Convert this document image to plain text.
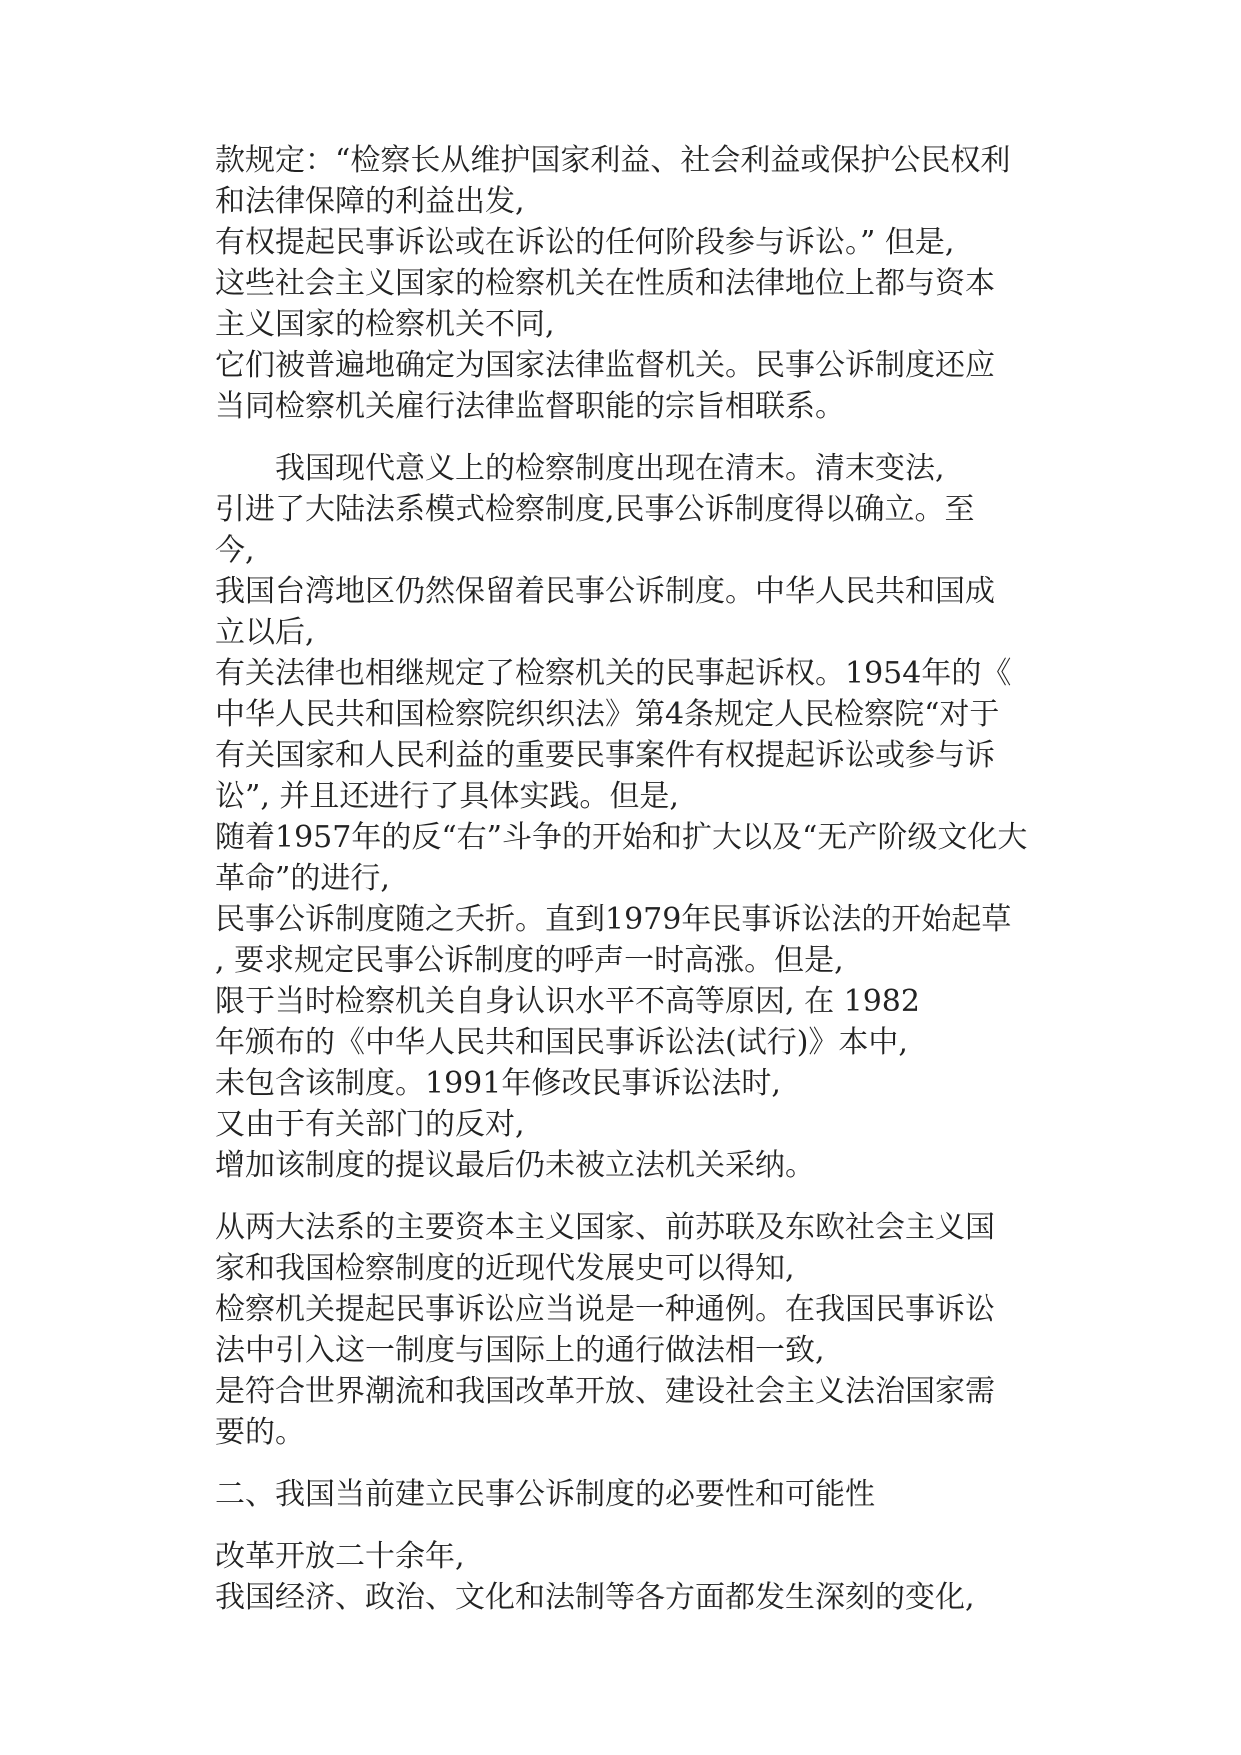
款规定：“检察长从维护国家利益、社会利益或保护公民权利
和法律保障的利益出发,
有权提起民事诉讼或在诉讼的任何阶段参与诉讼。” 但是,
这些社会主义国家的检察机关在性质和法律地位上都与资本
主义国家的检察机关不同,
它们被普遍地确定为国家法律监督机关。民事公诉制度还应
当同检察机关雇行法律监督职能的宗旨相联系。
我国现代意义上的检察制度出现在清末。清末变法,
引进了大陆法系模式检察制度,民事公诉制度得以确立。至
今,
我国台湾地区仍然保留着民事公诉制度。中华人民共和国成
立以后,
有关法律也相继规定了检察机关的民事起诉权。1954年的《
中华人民共和国检察院织织法》第4条规定人民检察院“对于
有关国家和人民利益的重要民事案件有权提起诉讼或参与诉
讼”, 并且还进行了具体实践。但是,
随着1957年的反“右”斗争的开始和扩大以及“无产阶级文化大
革命”的进行,
民事公诉制度随之夭折。直到1979年民事诉讼法的开始起草
, 要求规定民事公诉制度的呼声一时高涨。但是,
限于当时检察机关自身认识水平不高等原因, 在 1982
年颁布的《中华人民共和国民事诉讼法(试行)》本中,
未包含该制度。1991年修改民事诉讼法时,
又由于有关部门的反对,
增加该制度的提议最后仍未被立法机关采纳。
从两大法系的主要资本主义国家、前苏联及东欧社会主义国
家和我国检察制度的近现代发展史可以得知,
检察机关提起民事诉讼应当说是一种通例。在我国民事诉讼
法中引入这一制度与国际上的通行做法相一致,
是符合世界潮流和我国改革开放、建设社会主义法治国家需
要的。
二、我国当前建立民事公诉制度的必要性和可能性
改革开放二十余年,
我国经济、政治、文化和法制等各方面都发生深刻的变化,
